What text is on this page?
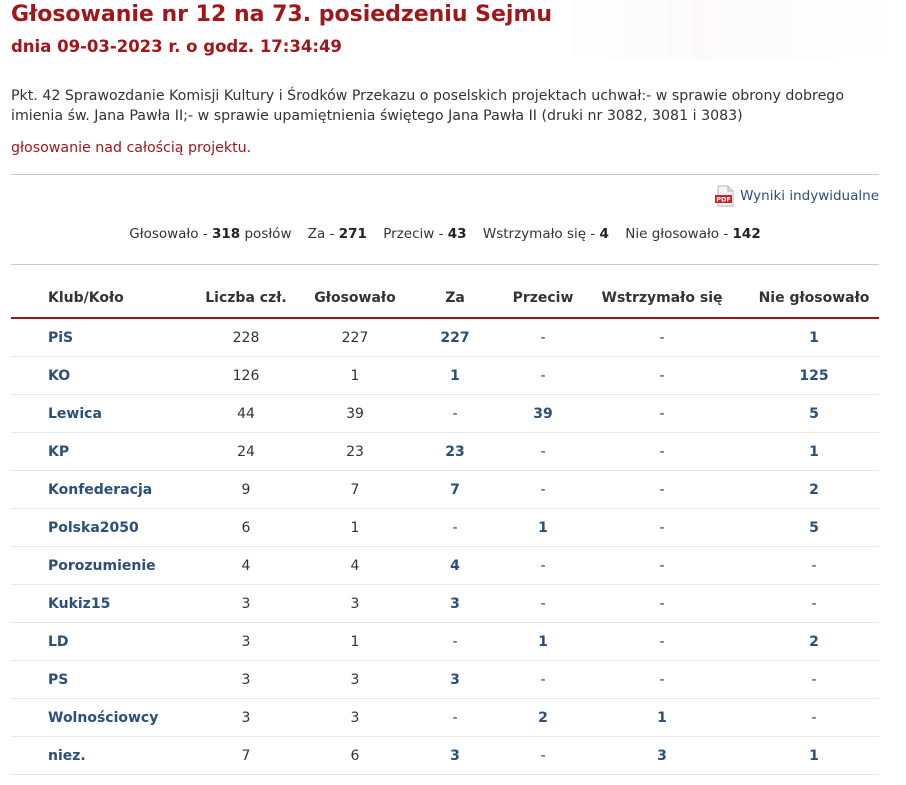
Głosowanie nr 12 na 73. posiedzeniu Sejmu
dnia 09-03-2023 r. o godz. 17:34:49
Pkt. 42 Sprawozdanie Komisji Kultury i Środków Przekazu o poselskich projektach uchwał:- w sprawie obrony dobrego imienia św. Jana Pawła II;- w sprawie upamiętnienia świętego Jana Pawła II (druki nr 3082, 3081 i 3083)
głosowanie nad całością projektu.
PDF Wyniki indywidualne
Głosowało - 318 posłów Za - 271 Przeciw - 43 Wstrzymało się - 4 Nie głosowało - 142
Klub/Koło	Liczba czł.	Głosowało	Za	Przeciw	Wstrzymało się	Nie głosowało
PiS	228	227	227	-	-	1
KO	126	1	1	-	-	125
Lewica	44	39	-	39	-	5
KP	24	23	23	-	-	1
Konfederacja	9	7	7	-	-	2
Polska2050	6	1	-	1	-	5
Porozumienie	4	4	4	-	-	-
Kukiz15	3	3	3	-	-	-
LD	3	1	-	1	-	2
PS	3	3	3	-	-	-
Wolnościowcy	3	3	-	2	1	-
niez.	7	6	3	-	3	1
